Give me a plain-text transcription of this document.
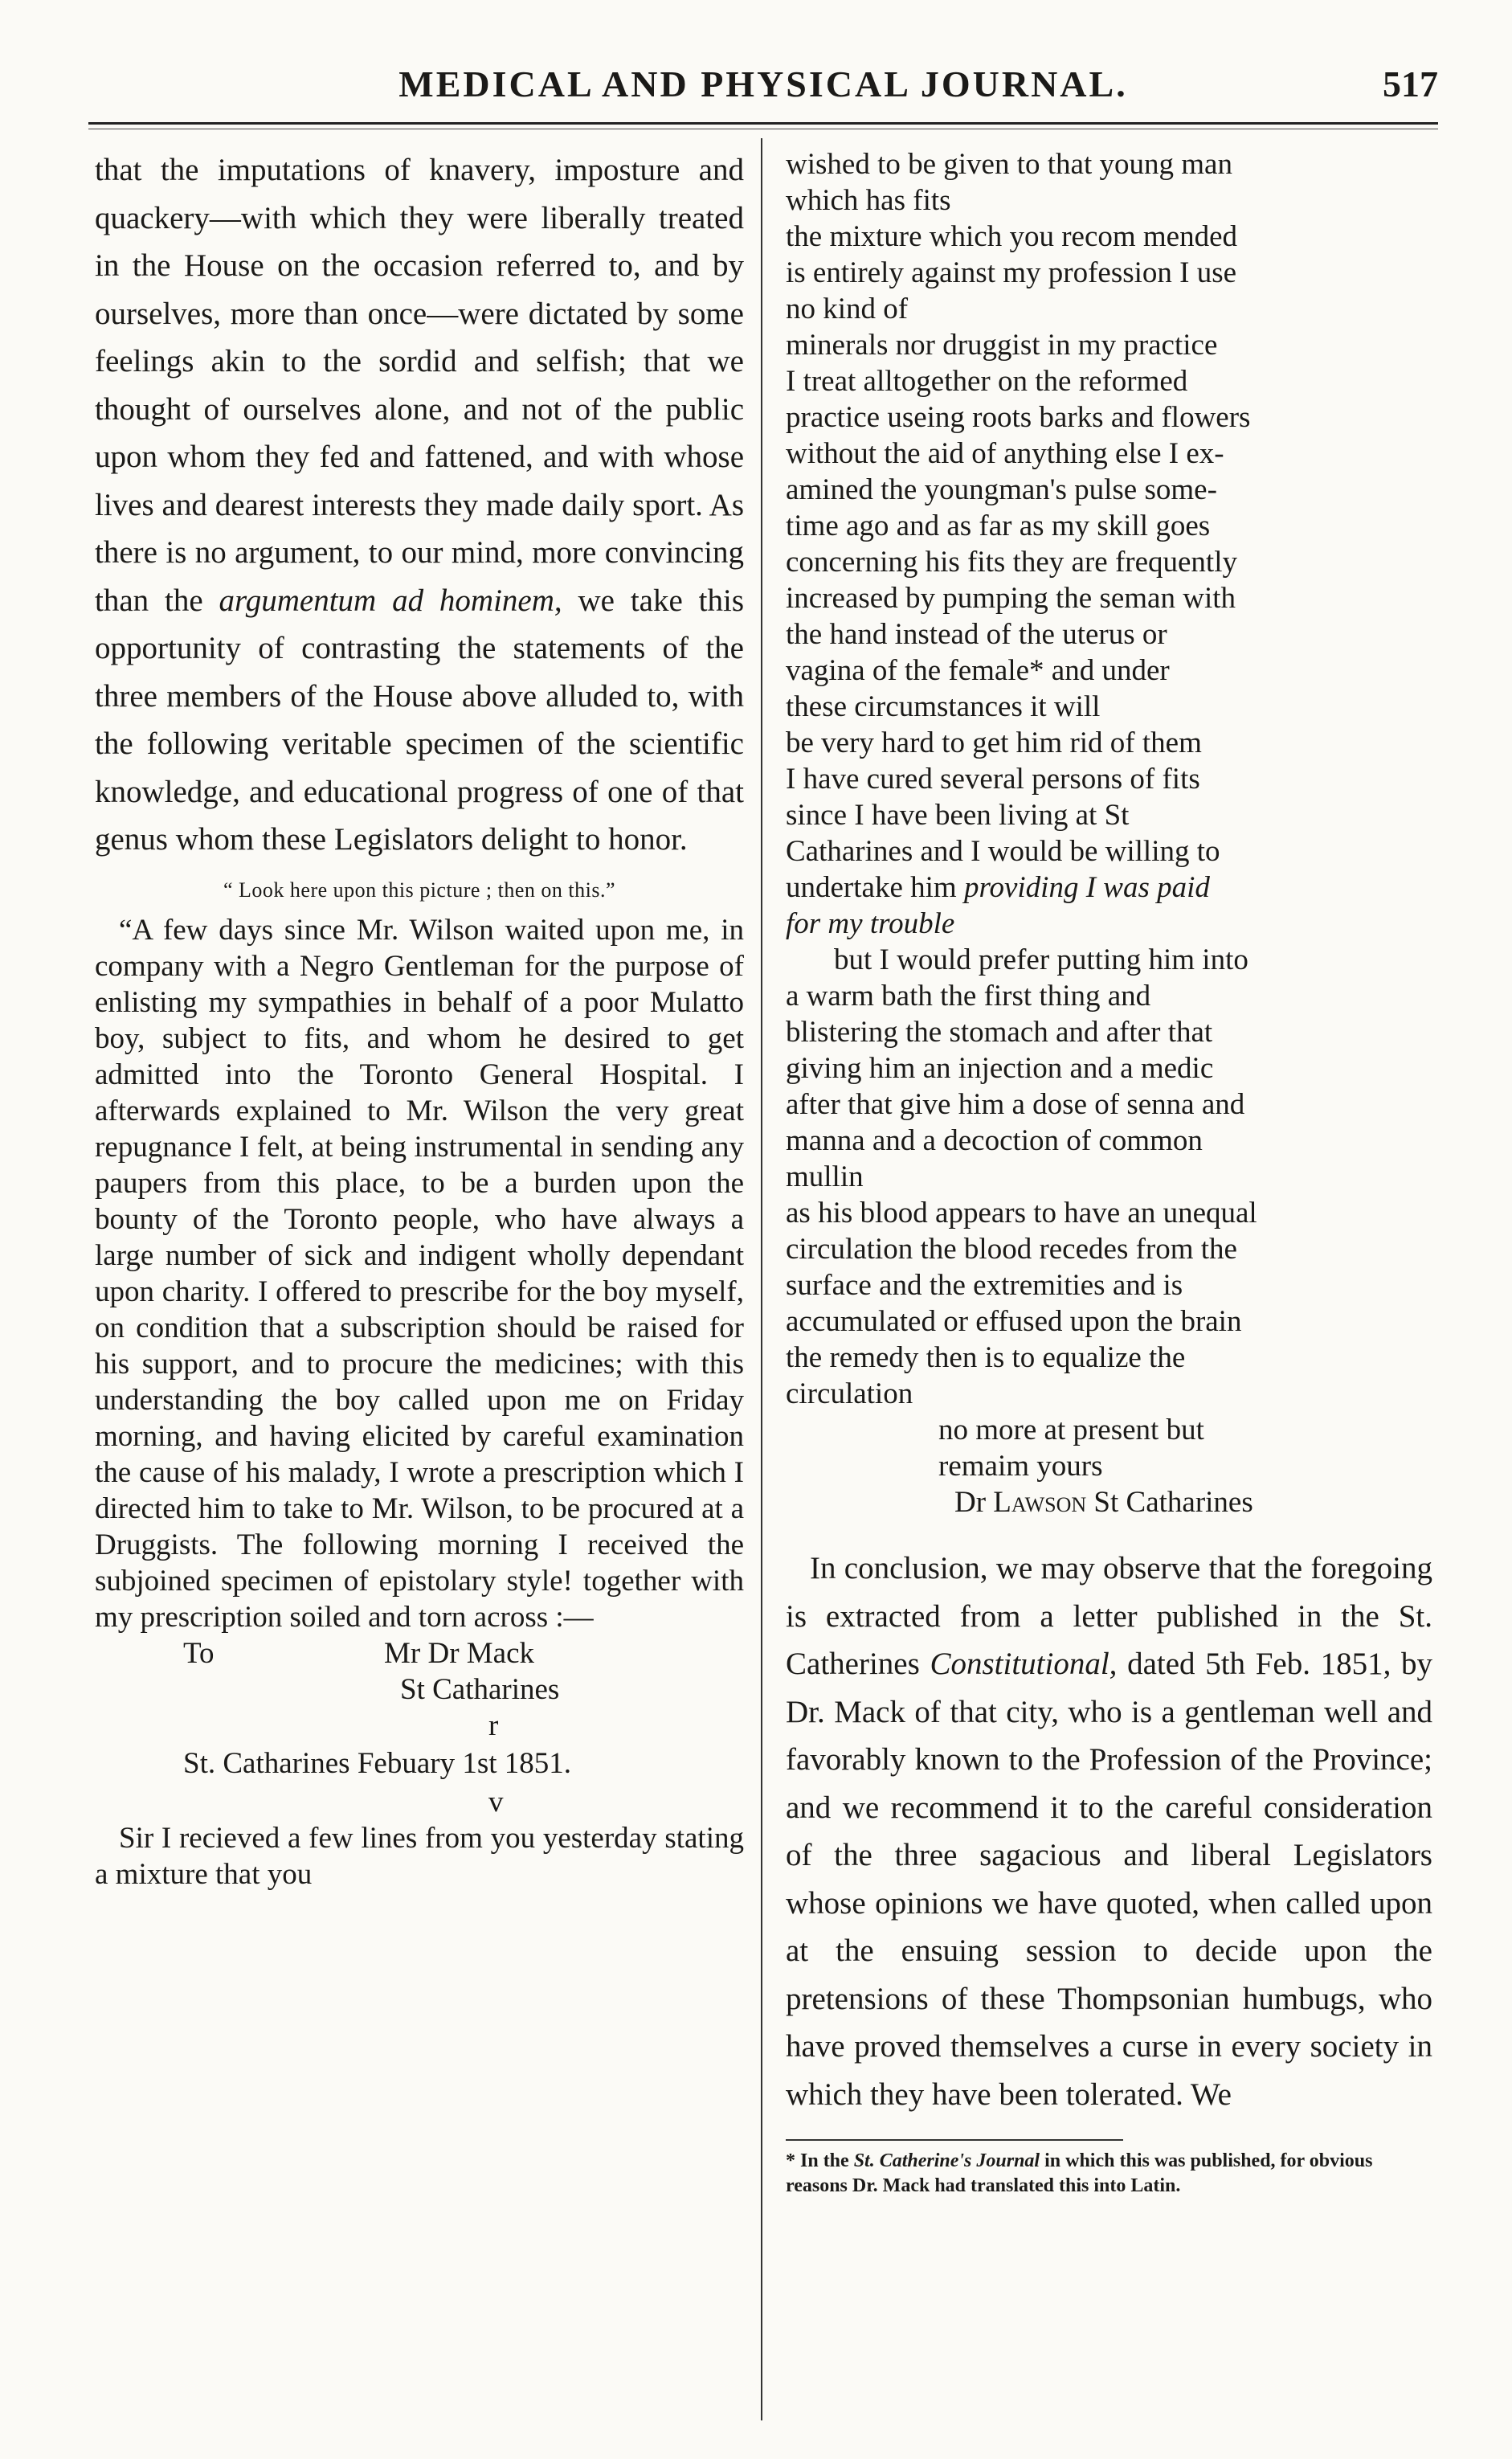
MEDICAL AND PHYSICAL JOURNAL.	517

that the imputations of knavery, imposture and quackery—with which they were liberally treated in the House on the occasion referred to, and by ourselves, more than once—were dictated by some feelings akin to the sordid and selfish; that we thought of ourselves alone, and not of the public upon whom they fed and fattened, and with whose lives and dearest interests they made daily sport. As there is no argument, to our mind, more convincing than the argumentum ad hominem, we take this opportunity of contrasting the statements of the three members of the House above alluded to, with the following veritable specimen of the scientific knowledge, and educational progress of one of that genus whom these Legislators delight to honor.

“ Look here upon this picture ; then on this.”

“A few days since Mr. Wilson waited upon me, in company with a Negro Gentleman for the purpose of enlisting my sympathies in behalf of a poor Mulatto boy, subject to fits, and whom he desired to get admitted into the Toronto General Hospital. I afterwards explained to Mr. Wilson the very great repugnance I felt, at being instrumental in sending any paupers from this place, to be a burden upon the bounty of the Toronto people, who have always a large number of sick and indigent wholly dependant upon charity. I offered to prescribe for the boy myself, on condition that a subscription should be raised for his support, and to procure the medicines; with this understanding the boy called upon me on Friday morning, and having elicited by careful examination the cause of his malady, I wrote a prescription which I directed him to take to Mr. Wilson, to be procured at a Druggists. The following morning I received the subjoined specimen of epistolary style! together with my prescription soiled and torn across :—

To	Mr Dr Mack
St Catharines
r
St. Catharines Febuary 1st 1851.
v

Sir I recieved a few lines from you yesterday stating a mixture that you

wished to be given to that young man
which has fits
the mixture which you recom mended
is entirely against my profession I use
no kind of
minerals nor druggist in my practice
I treat alltogether on the reformed
practice useing roots barks and flowers
without the aid of anything else I ex-
amined the youngman's pulse some-
time ago and as far as my skill goes
concerning his fits they are frequently
increased by pumping the seman with
the hand instead of the uterus or
vagina of the female* and under
these circumstances it will
be very hard to get him rid of them
I have cured several persons of fits
since I have been living at St
Catharines and I would be willing to
undertake him providing I was paid
for my trouble
but I would prefer putting him into
a warm bath the first thing and
blistering the stomach and after that
giving him an injection and a medic
after that give him a dose of senna and
manna and a decoction of common
mullin
as his blood appears to have an unequal
circulation the blood recedes from the
surface and the extremities and is
accumulated or effused upon the brain
the remedy then is to equalize the
circulation
no more at present but
remaim yours
Dr Lawson St Catharines

In conclusion, we may observe that the foregoing is extracted from a letter published in the St. Catherines Constitutional, dated 5th Feb. 1851, by Dr. Mack of that city, who is a gentleman well and favorably known to the Profession of the Province; and we recommend it to the careful consideration of the three sagacious and liberal Legislators whose opinions we have quoted, when called upon at the ensuing session to decide upon the pretensions of these Thompsonian humbugs, who have proved themselves a curse in every society in which they have been tolerated. We

* In the St. Catherine's Journal in which this was published, for obvious reasons Dr. Mack had translated this into Latin.
